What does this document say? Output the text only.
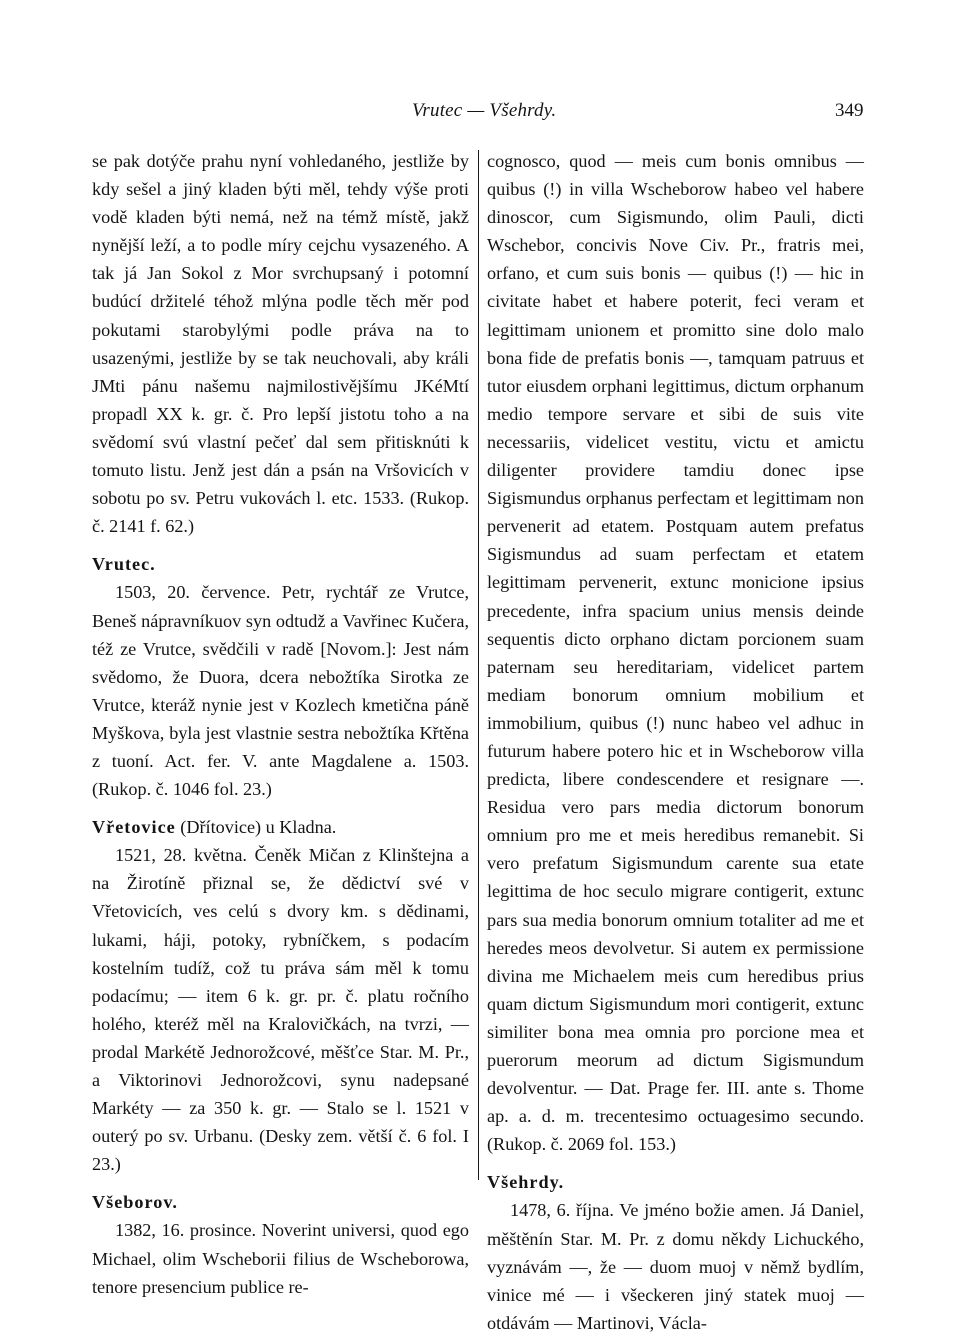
Vrutec — Všehrdy.	349

se pak dotýče prahu nyní vohledaného, jestliže by kdy sešel a jiný kladen býti měl, tehdy výše proti vodě kladen býti nemá, než na témž místě, jakž nynější leží, a to podle míry cejchu vysazeného. A tak já Jan Sokol z Mor svrchupsaný i potomní budúcí držitelé téhož mlýna podle těch měr pod pokutami starobylými podle práva na to usazenými, jestliže by se tak neuchovali, aby králi JMti pánu našemu najmilostivějšímu JKéMtí propadl XX k. gr. č. Pro lepší jistotu toho a na svědomí svú vlastní pečeť dal sem přitisknúti k tomuto listu. Jenž jest dán a psán na Vršovicích v sobotu po sv. Petru vukovách l. etc. 1533. (Rukop. č. 2141 f. 62.)

Vrutec.

1503, 20. července. Petr, rychtář ze Vrutce, Beneš nápravníkuov syn odtudž a Vavřinec Kučera, též ze Vrutce, svědčili v radě [Novom.]: Jest nám svědomo, že Duora, dcera nebožtíka Sirotka ze Vrutce, kteráž nynie jest v Kozlech kmetična páně Myškova, byla jest vlastnie sestra nebožtíka Křtěna z tuoní. Act. fer. V. ante Magdalene a. 1503. (Rukop. č. 1046 fol. 23.)

Vřetovice (Dřítovice) u Kladna.

1521, 28. května. Čeněk Mičan z Klinštejna a na Žirotíně přiznal se, že dědictví své v Vřetovicích, ves celú s dvory km. s dědinami, lukami, háji, potoky, rybníčkem, s podacím kostelním tudíž, což tu práva sám měl k tomu podacímu; — item 6 k. gr. pr. č. platu ročního holého, kteréž měl na Kralovičkách, na tvrzi, — prodal Markétě Jednorožcové, měšťce Star. M. Pr., a Viktorinovi Jednorožcovi, synu nadepsané Markéty — za 350 k. gr. — Stalo se l. 1521 v outerý po sv. Urbanu. (Desky zem. větší č. 6 fol. I 23.)

Všeborov.

1382, 16. prosince. Noverint universi, quod ego Michael, olim Wscheborii filius de Wscheborowa, tenore presencium publice re-

cognosco, quod — meis cum bonis omnibus — quibus (!) in villa Wscheborow habeo vel habere dinoscor, cum Sigismundo, olim Pauli, dicti Wschebor, concivis Nove Civ. Pr., fratris mei, orfano, et cum suis bonis — quibus (!) — hic in civitate habet et habere poterit, feci veram et legittimam unionem et promitto sine dolo malo bona fide de prefatis bonis —, tamquam patruus et tutor eiusdem orphani legittimus, dictum orphanum medio tempore servare et sibi de suis vite necessariis, videlicet vestitu, victu et amictu diligenter providere tamdiu donec ipse Sigismundus orphanus perfectam et legittimam non pervenerit ad etatem. Postquam autem prefatus Sigismundus ad suam perfectam et etatem legittimam pervenerit, extunc monicione ipsius precedente, infra spacium unius mensis deinde sequentis dicto orphano dictam porcionem suam paternam seu hereditariam, videlicet partem mediam bonorum omnium mobilium et immobilium, quibus (!) nunc habeo vel adhuc in futurum habere potero hic et in Wscheborow villa predicta, libere condescendere et resignare —. Residua vero pars media dictorum bonorum omnium pro me et meis heredibus remanebit. Si vero prefatum Sigismundum carente sua etate legittima de hoc seculo migrare contigerit, extunc pars sua media bonorum omnium totaliter ad me et heredes meos devolvetur. Si autem ex permissione divina me Michaelem meis cum heredibus prius quam dictum Sigismundum mori contigerit, extunc similiter bona mea omnia pro porcione mea et puerorum meorum ad dictum Sigismundum devolventur. — Dat. Prage fer. III. ante s. Thome ap. a. d. m. trecentesimo octuagesimo secundo. (Rukop. č. 2069 fol. 153.)

Všehrdy.

1478, 6. října. Ve jméno božie amen. Já Daniel, měštěnín Star. M. Pr. z domu někdy Lichuckého, vyznávám —, že — duom muoj v němž bydlím, vinice mé — i všeckeren jiný statek muoj — otdávám — Martinovi, Václa-
